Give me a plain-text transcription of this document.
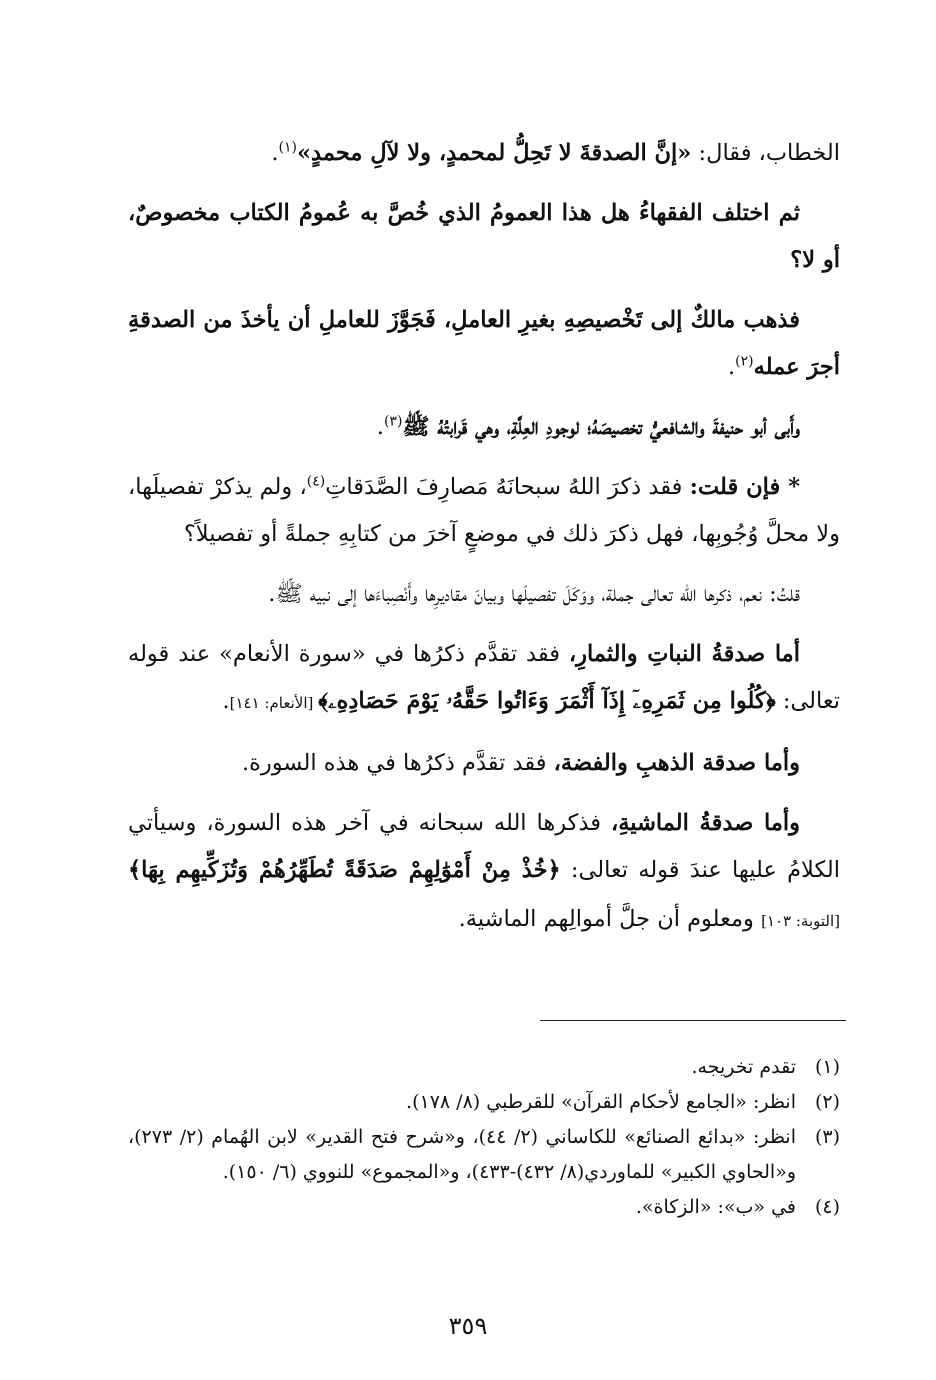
الخطاب، فقال: «إنَّ الصدقةَ لا تَحِلُّ لمحمدٍ، ولا لآلِ محمدٍ»$^{(١)}$.

ثم اختلف الفقهاءُ هل هذا العمومُ الذي خُصَّ به عُمومُ الكتاب مخصوصٌ، أو لا؟

فذهب مالكٌ إلى تَخْصيصِهِ بغيرِ العاملِ، فَجَوَّزَ للعاملِ أن يأخذَ من الصدقةِ أجرَ عمله$^{(٢)}$.

وأَبى أبو حنيفةَ والشافعيُّ تخصيصَهُ؛ لوجودِ العِلَّةِ، وهي قَرابتُهُ ﷺ$^{(٣)}$.

* فإن قلت: فقد ذكرَ اللهُ سبحانَهُ مَصارِفَ الصَّدَقاتِ$^{(٤)}$، ولم يذكرْ تفصيلَها، ولا محلَّ وُجُوبِها، فهل ذكرَ ذلك في موضعٍ آخرَ من كتابِهِ جملةً أو تفصيلاً؟

قلتُ: نعم، ذكرها الله تعالى جملة، ووَكَلَ تفصيلَها وبيانَ مقاديرِها وأَنْصِباءَها إلى نبيه ﷺ.

أما صدقةُ النباتِ والثمارِ، فقد تقدَّم ذكرُها في «سورة الأنعام» عند قوله تعالى: ﴿كُلُوا مِن ثَمَرِهِۦٓ إِذَآ أَثْمَرَ وَءَاتُوا حَقَّهُۥ يَوْمَ حَصَادِهِۦ﴾ [الأنعام: ١٤١].

وأما صدقة الذهبِ والفضة، فقد تقدَّم ذكرُها في هذه السورة.

وأما صدقةُ الماشيةِ، فذكرها الله سبحانه في آخر هذه السورة، وسيأتي الكلامُ عليها عندَ قوله تعالى: ﴿خُذْ مِنْ أَمْوَٰلِهِمْ صَدَقَةً تُطَهِّرُهُمْ وَتُزَكِّيهِم بِهَا﴾ [التوبة: ١٠٣] ومعلوم أن جلَّ أموالِهم الماشية.

(١)
تقدم تخريجه.
(٢)
انظر: «الجامع لأحكام القرآن» للقرطبي (٨/ ١٧٨).
(٣)
انظر: «بدائع الصنائع» للكاساني (٢/ ٤٤)، و«شرح فتح القدير» لابن الهُمام (٢/ ٢٧٣)، و«الحاوي الكبير» للماوردي(٨/ ٤٣٢)-٤٣٣)، و«المجموع» للنووي (٦/ ١٥٠).
(٤)
في «ب»: «الزكاة».
٣٥٩
